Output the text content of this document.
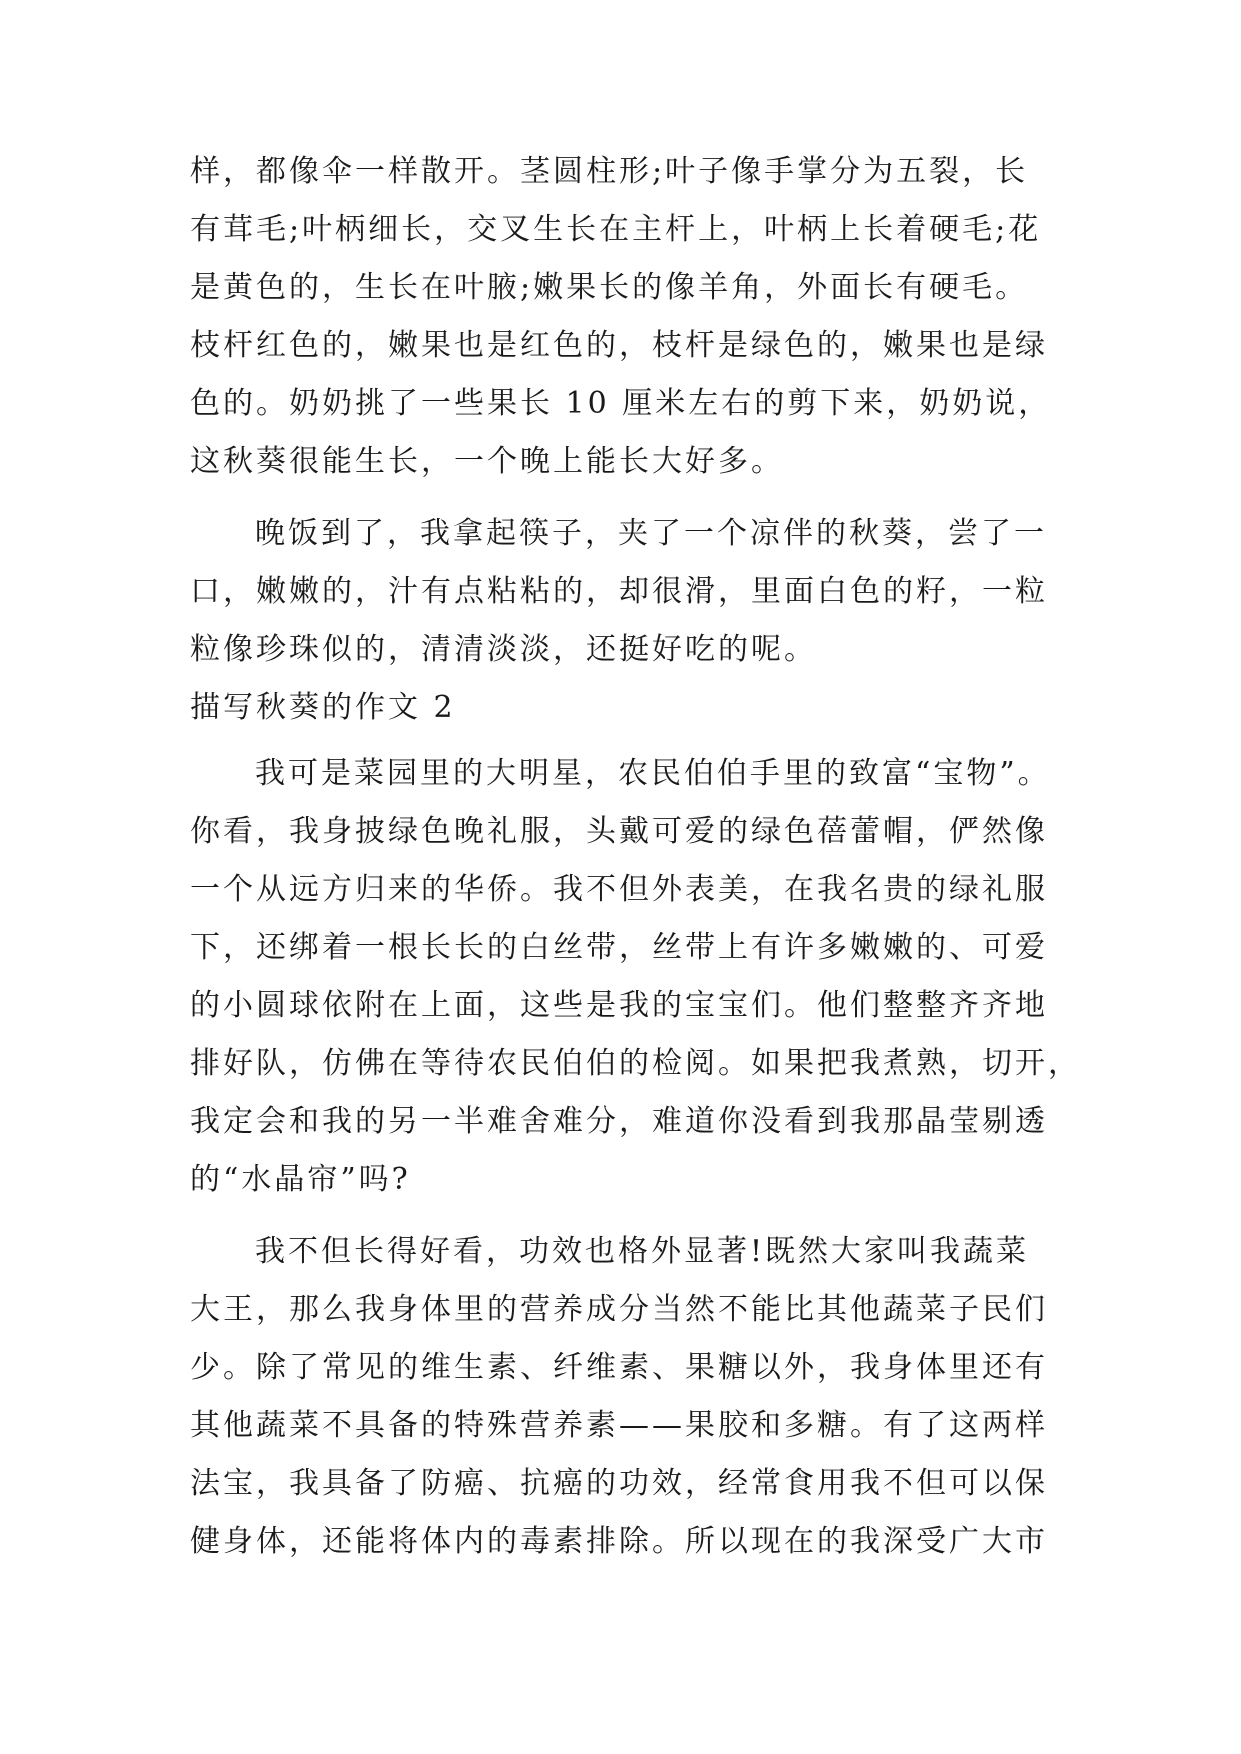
样，都像伞一样散开。茎圆柱形;叶子像手掌分为五裂，长
有茸毛;叶柄细长，交叉生长在主杆上，叶柄上长着硬毛;花
是黄色的，生长在叶腋;嫩果长的像羊角，外面长有硬毛。
枝杆红色的，嫩果也是红色的，枝杆是绿色的，嫩果也是绿
色的。奶奶挑了一些果长 10 厘米左右的剪下来，奶奶说，
这秋葵很能生长，一个晚上能长大好多。
晚饭到了，我拿起筷子，夹了一个凉伴的秋葵，尝了一
口，嫩嫩的，汁有点粘粘的，却很滑，里面白色的籽，一粒
粒像珍珠似的，清清淡淡，还挺好吃的呢。
描写秋葵的作文 2
我可是菜园里的大明星，农民伯伯手里的致富“宝物”。
你看，我身披绿色晚礼服，头戴可爱的绿色蓓蕾帽，俨然像
一个从远方归来的华侨。我不但外表美，在我名贵的绿礼服
下，还绑着一根长长的白丝带，丝带上有许多嫩嫩的、可爱
的小圆球依附在上面，这些是我的宝宝们。他们整整齐齐地
排好队，仿佛在等待农民伯伯的检阅。如果把我煮熟，切开，
我定会和我的另一半难舍难分，难道你没看到我那晶莹剔透
的“水晶帘”吗?
我不但长得好看，功效也格外显著!既然大家叫我蔬菜
大王，那么我身体里的营养成分当然不能比其他蔬菜子民们
少。除了常见的维生素、纤维素、果糖以外，我身体里还有
其他蔬菜不具备的特殊营养素——果胶和多糖。有了这两样
法宝，我具备了防癌、抗癌的功效，经常食用我不但可以保
健身体，还能将体内的毒素排除。所以现在的我深受广大市
